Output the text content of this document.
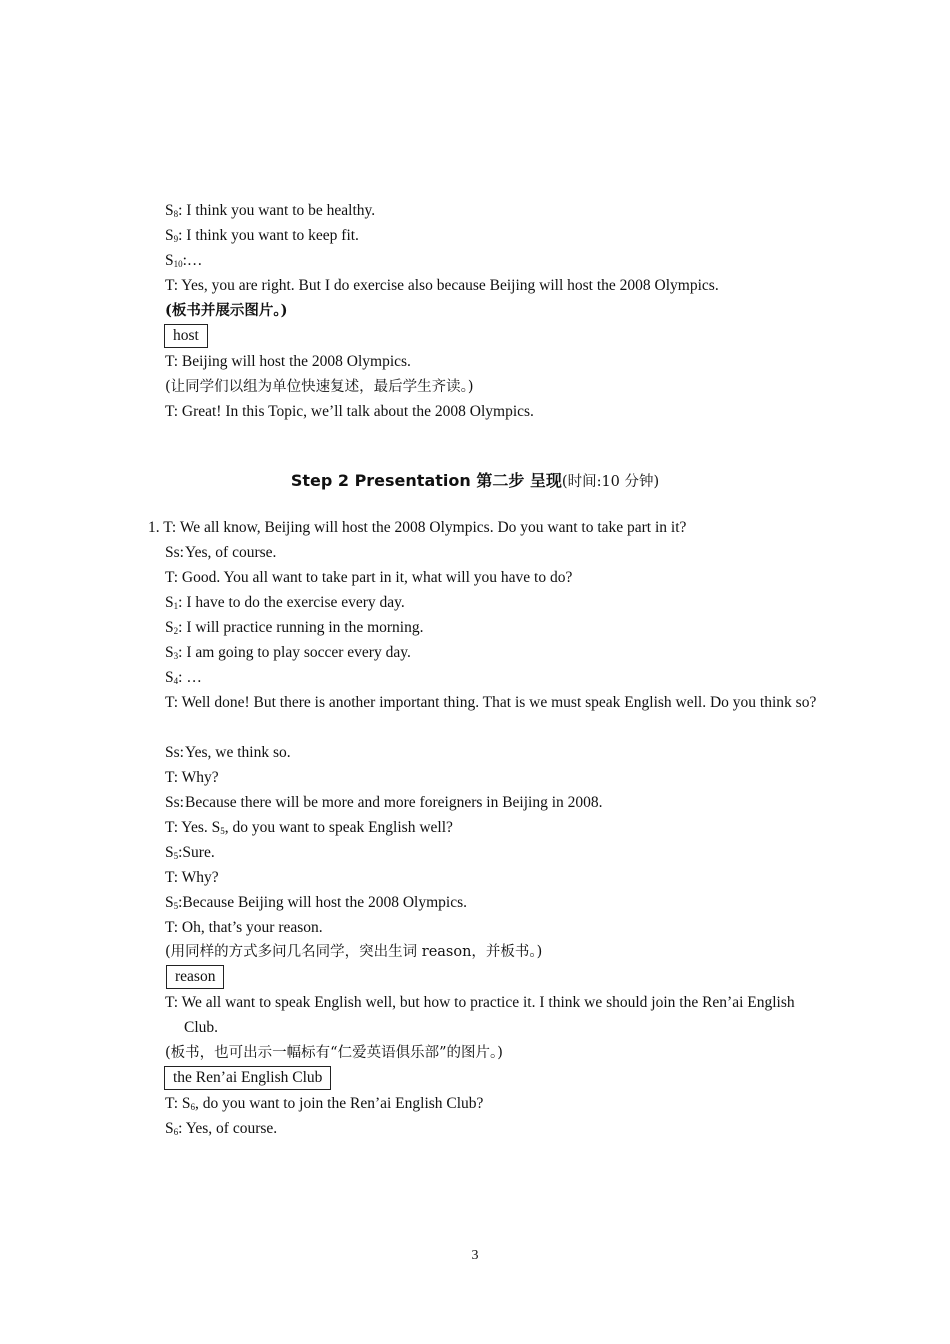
$S_8$: I think you want to be healthy.
$S_9$: I think you want to keep fit.
$S_{10}:\dots$
T: Yes, you are right. But I do exercise also because Beijing will host the 2008 Olympics.
(板书并展示图片。)
host
T: Beijing will host the 2008 Olympics.
(让同学们以组为单位快速复述，最后学生齐读。)
T: Great! In this Topic, we’ll talk about the 2008 Olympics.
Step 2 Presentation 第二步 呈现(时间:10 分钟)
1. T: We all know, Beijing will host the 2008 Olympics. Do you want to take part in it?
Ss:Yes, of course.
T: Good. You all want to take part in it, what will you have to do?
$S_1$: I have to do the exercise every day.
$S_2$: I will practice running in the morning.
$S_3$: I am going to play soccer every day.
$S_4$: …
T: Well done! But there is another important thing. That is we must speak English well. Do you think so?
Ss:Yes, we think so.
T: Why?
Ss:Because there will be more and more foreigners in Beijing in 2008.
T: Yes. $S_5$, do you want to speak English well?
$S_5:Sure$.
T: Why?
$S_5:Because$ Beijing will host the 2008 Olympics.
T: Oh, that’s your reason.
(用同样的方式多问几名同学，突出生词 reason，并板书。)
reason
T: We all want to speak English well, but how to practice it. I think we should join the Ren’ai English Club.
(板书，也可出示一幅标有“仁爱英语俱乐部”的图片。)
the Ren’ai English Club
T: $S_6$, do you want to join the Ren’ai English Club?
$S_6$: Yes, of course.
3
